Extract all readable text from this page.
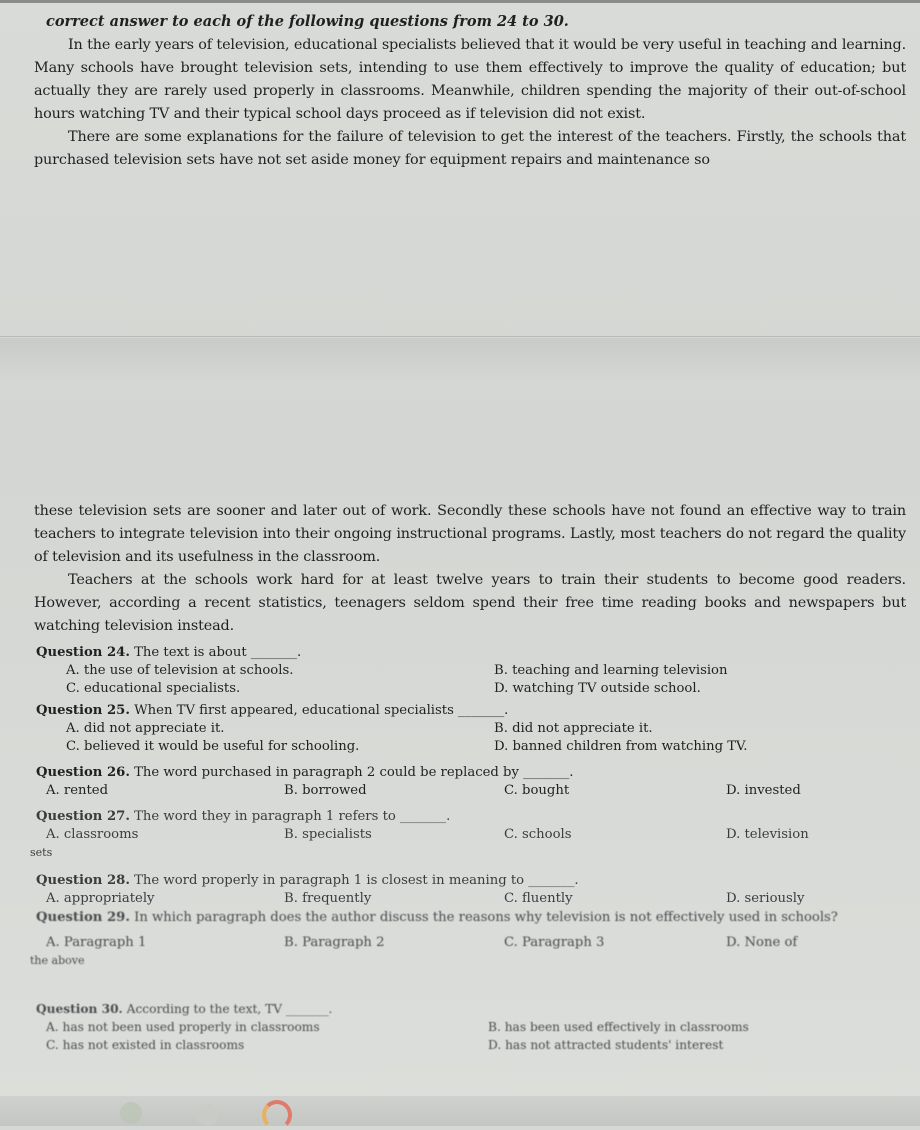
correct answer to each of the following questions from 24 to 30.

In the early years of television, educational specialists believed that it would be very useful in teaching and learning. Many schools have brought television sets, intending to use them effectively to improve the quality of education; but actually they are rarely used properly in classrooms. Meanwhile, children spending the majority of their out-of-school hours watching TV and their typical school days proceed as if television did not exist.

There are some explanations for the failure of television to get the interest of the teachers. Firstly, the schools that purchased television sets have not set aside money for equipment repairs and maintenance so

these television sets are sooner and later out of work. Secondly these schools have not found an effective way to train teachers to integrate television into their ongoing instructional programs. Lastly, most teachers do not regard the quality of television and its usefulness in the classroom.

Teachers at the schools work hard for at least twelve years to train their students to become good readers. However, according a recent statistics, teenagers seldom spend their free time reading books and newspapers but watching television instead.

Question 24. The text is about _______.
A. the use of television at schools.	B. teaching and learning television
C. educational specialists.	D. watching TV outside school.
Question 25. When TV first appeared, educational specialists _______.
A. did not appreciate it.	B. did not appreciate it.
C. believed it would be useful for schooling.	D. banned children from watching TV.
Question 26. The word purchased in paragraph 2 could be replaced by _______.
A. rented	B. borrowed	C. bought	D. invested
Question 27. The word they in paragraph 1 refers to _______.
A. classrooms	B. specialists	C. schools	D. television
sets
Question 28. The word properly in paragraph 1 is closest in meaning to _______.
A. appropriately	B. frequently	C. fluently	D. seriously
Question 29. In which paragraph does the author discuss the reasons why television is not effectively used in schools?
A. Paragraph 1	B. Paragraph 2	C. Paragraph 3	D. None of
the above
Question 30. According to the text, TV _______.
A. has not been used properly in classrooms	B. has been used effectively in classrooms
C. has not existed in classrooms	D. has not attracted students' interest
